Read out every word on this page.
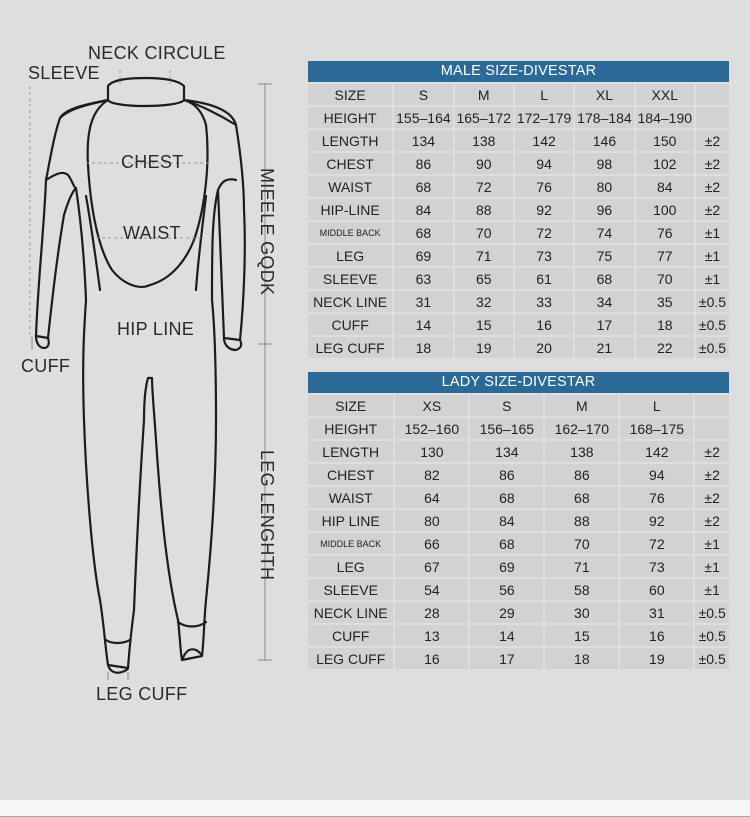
NECK CIRCULE
SLEEVE
CHEST
WAIST
HIP LINE
CUFF
LEG CUFF
MIEELE GQDK
LEG LENGHTH
MALE SIZE-DIVESTAR
SIZE	S	M	L	XL	XXL	
HEIGHT	155–164	165–172	172–179	178–184	184–190	
LENGTH	134	138	142	146	150	±2
CHEST	86	90	94	98	102	±2
WAIST	68	72	76	80	84	±2
HIP-LINE	84	88	92	96	100	±2
MIDDLE BACK	68	70	72	74	76	±1
LEG	69	71	73	75	77	±1
SLEEVE	63	65	61	68	70	±1
NECK LINE	31	32	33	34	35	±0.5
CUFF	14	15	16	17	18	±0.5
LEG CUFF	18	19	20	21	22	±0.5
LADY SIZE-DIVESTAR
SIZE	XS	S	M	L	
HEIGHT	152–160	156–165	162–170	168–175	
LENGTH	130	134	138	142	±2
CHEST	82	86	86	94	±2
WAIST	64	68	68	76	±2
HIP LINE	80	84	88	92	±2
MIDDLE BACK	66	68	70	72	±1
LEG	67	69	71	73	±1
SLEEVE	54	56	58	60	±1
NECK LINE	28	29	30	31	±0.5
CUFF	13	14	15	16	±0.5
LEG CUFF	16	17	18	19	±0.5
